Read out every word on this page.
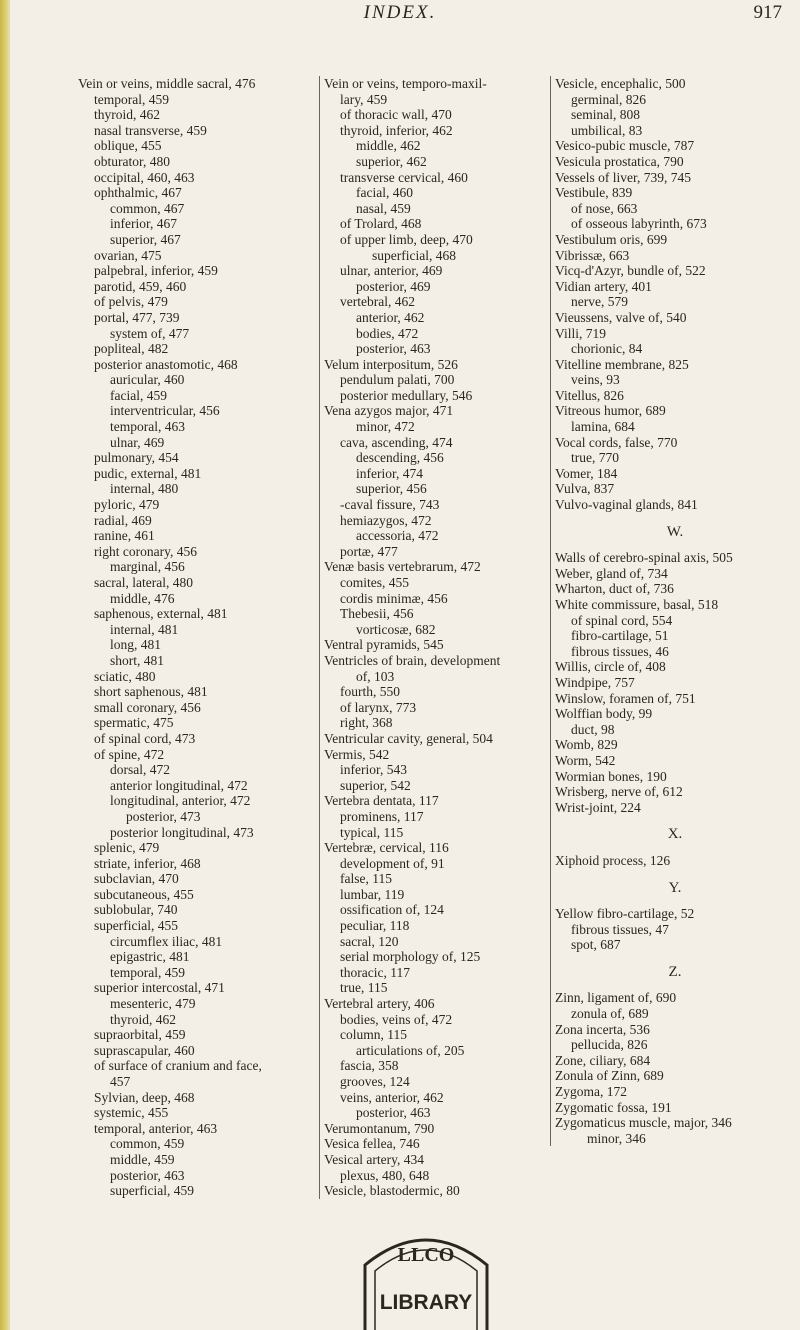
INDEX.	917
Vein or veins, middle sacral, 476
temporal, 459
thyroid, 462
nasal transverse, 459
oblique, 455
obturator, 480
occipital, 460, 463
ophthalmic, 467
common, 467
inferior, 467
superior, 467
ovarian, 475
palpebral, inferior, 459
parotid, 459, 460
of pelvis, 479
portal, 477, 739
system of, 477
popliteal, 482
posterior anastomotic, 468
auricular, 460
facial, 459
interventricular, 456
temporal, 463
ulnar, 469
pulmonary, 454
pudic, external, 481
internal, 480
pyloric, 479
radial, 469
ranine, 461
right coronary, 456
marginal, 456
sacral, lateral, 480
middle, 476
saphenous, external, 481
internal, 481
long, 481
short, 481
sciatic, 480
short saphenous, 481
small coronary, 456
spermatic, 475
of spinal cord, 473
of spine, 472
dorsal, 472
anterior longitudinal, 472
longitudinal, anterior, 472
posterior, 473
posterior longitudinal, 473
splenic, 479
striate, inferior, 468
subclavian, 470
subcutaneous, 455
sublobular, 740
superficial, 455
circumflex iliac, 481
epigastric, 481
temporal, 459
superior intercostal, 471
mesenteric, 479
thyroid, 462
supraorbital, 459
suprascapular, 460
of surface of cranium and face,
457
Sylvian, deep, 468
systemic, 455
temporal, anterior, 463
common, 459
middle, 459
posterior, 463
superficial, 459
Vein or veins, temporo-maxil-
lary, 459
of thoracic wall, 470
thyroid, inferior, 462
middle, 462
superior, 462
transverse cervical, 460
facial, 460
nasal, 459
of Trolard, 468
of upper limb, deep, 470
superficial, 468
ulnar, anterior, 469
posterior, 469
vertebral, 462
anterior, 462
bodies, 472
posterior, 463
Velum interpositum, 526
pendulum palati, 700
posterior medullary, 546
Vena azygos major, 471
minor, 472
cava, ascending, 474
descending, 456
inferior, 474
superior, 456
-caval fissure, 743
hemiazygos, 472
accessoria, 472
portæ, 477
Venæ basis vertebrarum, 472
comites, 455
cordis minimæ, 456
Thebesii, 456
vorticosæ, 682
Ventral pyramids, 545
Ventricles of brain, development
of, 103
fourth, 550
of larynx, 773
right, 368
Ventricular cavity, general, 504
Vermis, 542
inferior, 543
superior, 542
Vertebra dentata, 117
prominens, 117
typical, 115
Vertebræ, cervical, 116
development of, 91
false, 115
lumbar, 119
ossification of, 124
peculiar, 118
sacral, 120
serial morphology of, 125
thoracic, 117
true, 115
Vertebral artery, 406
bodies, veins of, 472
column, 115
articulations of, 205
fascia, 358
grooves, 124
veins, anterior, 462
posterior, 463
Verumontanum, 790
Vesica fellea, 746
Vesical artery, 434
plexus, 480, 648
Vesicle, blastodermic, 80
Vesicle, encephalic, 500
germinal, 826
seminal, 808
umbilical, 83
Vesico-pubic muscle, 787
Vesicula prostatica, 790
Vessels of liver, 739, 745
Vestibule, 839
of nose, 663
of osseous labyrinth, 673
Vestibulum oris, 699
Vibrissæ, 663
Vicq-d'Azyr, bundle of, 522
Vidian artery, 401
nerve, 579
Vieussens, valve of, 540
Villi, 719
chorionic, 84
Vitelline membrane, 825
veins, 93
Vitellus, 826
Vitreous humor, 689
lamina, 684
Vocal cords, false, 770
true, 770
Vomer, 184
Vulva, 837
Vulvo-vaginal glands, 841
W.
Walls of cerebro-spinal axis, 505
Weber, gland of, 734
Wharton, duct of, 736
White commissure, basal, 518
of spinal cord, 554
fibro-cartilage, 51
fibrous tissues, 46
Willis, circle of, 408
Windpipe, 757
Winslow, foramen of, 751
Wolffian body, 99
duct, 98
Womb, 829
Worm, 542
Wormian bones, 190
Wrisberg, nerve of, 612
Wrist-joint, 224
X.
Xiphoid process, 126
Y.
Yellow fibro-cartilage, 52
fibrous tissues, 47
spot, 687
Z.
Zinn, ligament of, 690
zonula of, 689
Zona incerta, 536
pellucida, 826
Zone, ciliary, 684
Zonula of Zinn, 689
Zygoma, 172
Zygomatic fossa, 191
Zygomaticus muscle, major, 346
minor, 346
LLCO
LIBRARY
